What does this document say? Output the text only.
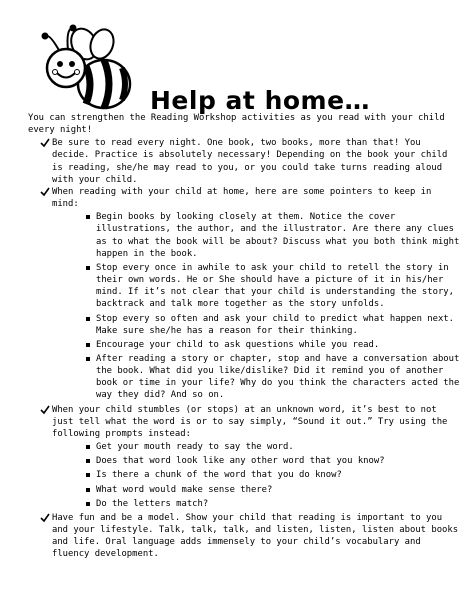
Help at home…
You can strengthen the Reading Workshop activities as you read with your child every night!
Be sure to read every night. One book, two books, more than that! You decide. Practice is absolutely necessary! Depending on the book your child is reading, she/he may read to you, or you could take turns reading aloud with your child.
When reading with your child at home, here are some pointers to keep in mind:
Begin books by looking closely at them. Notice the cover illustrations, the author, and the illustrator. Are there any clues as to what the book will be about? Discuss what you both think might happen in the book.
Stop every once in awhile to ask your child to retell the story in their own words. He or She should have a picture of it in his/her mind. If it’s not clear that your child is understanding the story, backtrack and talk more together as the story unfolds.
Stop every so often and ask your child to predict what happen next. Make sure she/he has a reason for their thinking.
Encourage your child to ask questions while you read.
After reading a story or chapter, stop and have a conversation about the book. What did you like/dislike? Did it remind you of another book or time in your life? Why do you think the characters acted the way they did? And so on.
When your child stumbles (or stops) at an unknown word, it’s best to not just tell what the word is or to say simply, “Sound it out.” Try using the following prompts instead:
Get your mouth ready to say the word.
Does that word look like any other word that you know?
Is there a chunk of the word that you do know?
What word would make sense there?
Do the letters match?
Have fun and be a model. Show your child that reading is important to you and your lifestyle. Talk, talk, talk, and listen, listen, listen about books and life. Oral language adds immensely to your child’s vocabulary and fluency development.
